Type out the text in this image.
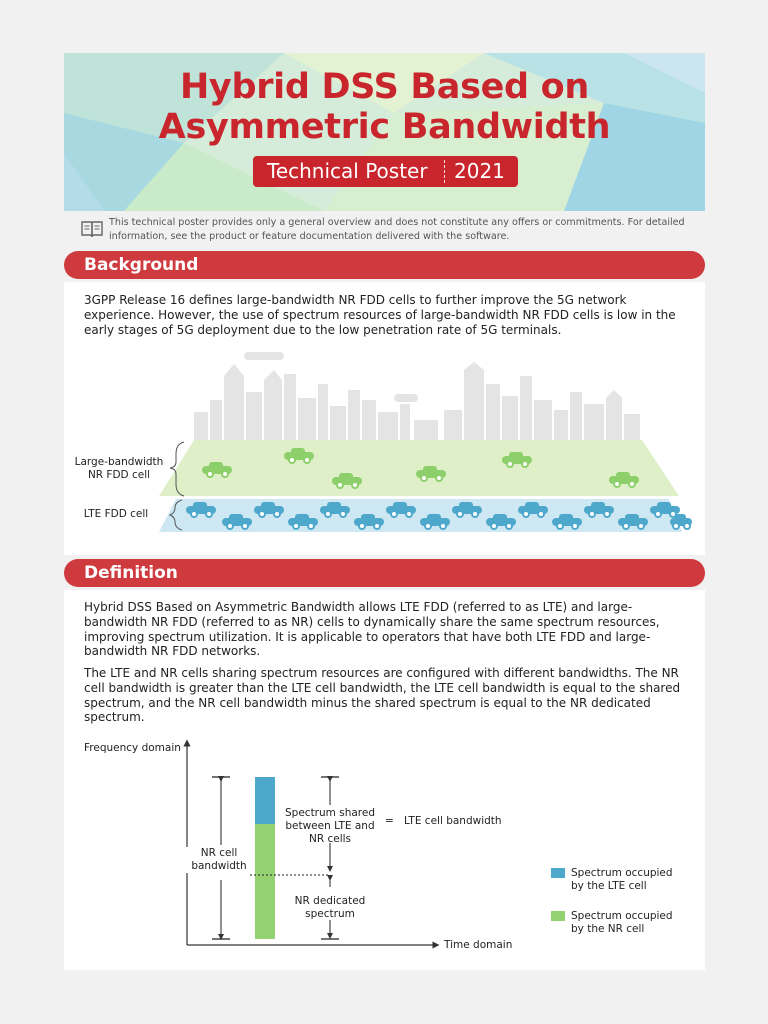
Hybrid DSS Based on
Asymmetric Bandwidth
Technical Poster 2021
This technical poster provides only a general overview and does not constitute any offers or commitments. For detailed information, see the product or feature documentation delivered with the software.
Background
3GPP Release 16 defines large-bandwidth NR FDD cells to further improve the 5G network experience. However, the use of spectrum resources of large-bandwidth NR FDD cells is low in the early stages of 5G deployment due to the low penetration rate of 5G terminals.
Large-bandwidth
NR FDD cell
LTE FDD cell
Definition
Hybrid DSS Based on Asymmetric Bandwidth allows LTE FDD (referred to as LTE) and large-bandwidth NR FDD (referred to as NR) cells to dynamically share the same spectrum resources, improving spectrum utilization. It is applicable to operators that have both LTE FDD and large-bandwidth NR FDD networks.
The LTE and NR cells sharing spectrum resources are configured with different bandwidths. The NR cell bandwidth is greater than the LTE cell bandwidth, the LTE cell bandwidth is equal to the shared spectrum, and the NR cell bandwidth minus the shared spectrum is equal to the NR dedicated spectrum.
Frequency domain
Time domain
NR cell
bandwidth
Spectrum shared
between LTE and
NR cells
= LTE cell bandwidth
NR dedicated
spectrum
Spectrum occupied
by the LTE cell
Spectrum occupied
by the NR cell
